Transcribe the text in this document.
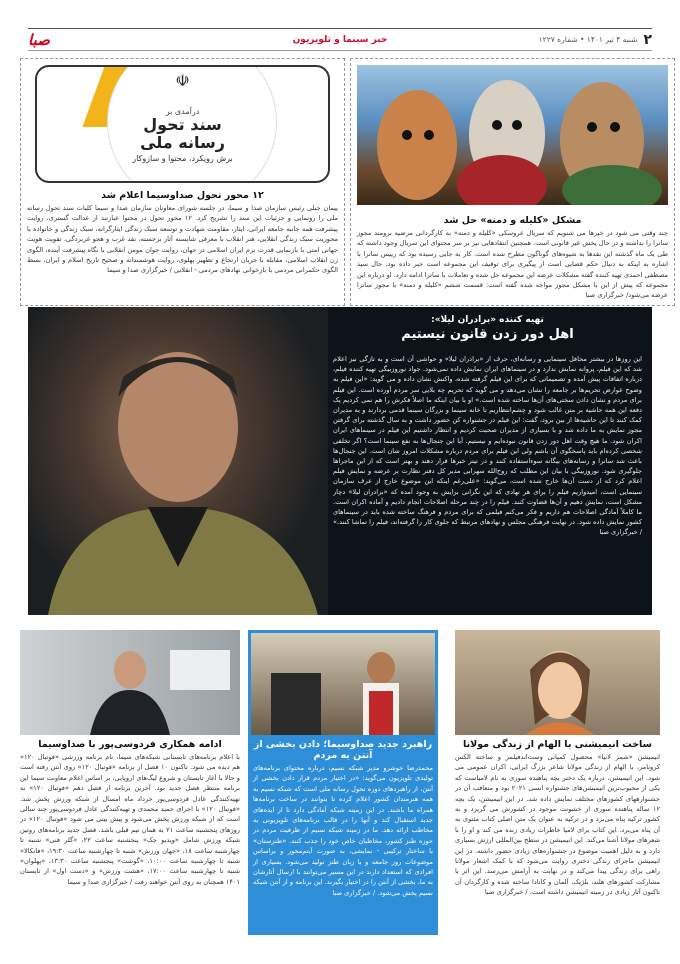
۲
شنبه ۴ تیر ۱۴۰۱ • شماره ۱۲۲۷
خبر سینما و تلویزیون
صبا
مشکل «کلیله و دمنه» حل شد
چند وقتی می شود در خبرها می شنویم که سریال عروسکی «کلیله و دمنه» به کارگردانی مرضیه برومند مجوز ساترا را نداشته و در حال پخش غیر قانونی است. همچنین انتقادهایی نیز بر سر محتوای این سریال وجود داشته که طی یک ماه گذشته این نقدها به شیوه‌های گوناگون مطرح شده است. کار به جایی رسیده بود که رییس ساترا با اشاره به اینکه به دنبال حکم قضایی است از پیگیری برای توقیف این مجموعه است خبر داده بود. حال سید مصطفی احمدی تهیه کننده گفته مشکلات عرضه این مجموعه حل شده و تعاملات با ساترا ادامه دارد. او درباره این مجموعه که پیش از این با مشکل مجوز مواجه شده گفته است: قسمت ششم «کلیله و دمنه» با مجوز ساترا عرضه می‌شود/ خبرگزاری صبا
☫
درآمدی بر
سند تحول
رسانه ملی
برش رویکرد، محتوا و سازوکار
۱۲ محور تحول صداوسیما اعلام شد
پیمان جبلی رئیس سازمان صدا و سیما، در جلسه شورای معاونان سازمان صدا و سیما کلیات سند تحول رسانه ملی را رونمایی و جزئیات این سند را تشریح کرد. ۱۲ محور تحول در محتوا عبارتند از عدالت گستری، روایت پیشرفت همه جانبه جامعه ایرانی، ایثار، مقاومت شهادت و توسعه سبک زندگی ایثارگرانه، سبک زندگی و خانواده با محوریت سبک زندگی انقلابی، هنر انقلاب با معرفی شایسته آثار برجسته، نقد غرب و هجو غربزدگی، تقویت هویت جهانی امتی با بازنمایی قدرت نرم ایران اسلامی در جهان، روایت جوان مومن انقلابی با نگاه پیشرفت آینده، الگوی زن انقلاب اسلامی، مقابله با جریان ارتجاع و تطهیر پهلوی، روایت هوشمندانه و صحیح تاریخ اسلام و ایران، بسط الگوی حکمرانی مردمی با بازخوانی نهادهای مردمی - انقلابی / خبرگزاری صدا و سیما
تهیه کننده «برادران لیلا»:
اهل دور زدن قانون نیستیم
این روزها در بیشتر محافل سینمایی و رسانه‌ای، حرف از «برادران لیلا» و حواشی آن است و به تازگی نیز اعلام شد که این فیلم، پروانه نمایش ندارد و در سینماهای ایران نمایش داده نمی‌شود. جواد نوروزبیگی تهیه کننده فیلم، درباره اتفاقات پیش آمده و تصمیماتی که برای این فیلم گرفته شده، واکنش نشان داده و می گوید: «این فیلم به وضوح عوارض تحریم‌ها بر جامعه را نشان می‌دهد و می گوید که تحریم چه بلایی سر مردم آورده است. این فیلم برای مردم و نشان دادن سختی‌های آن‌ها ساخته شده است.» او با بیان اینکه ما اصلاً فکرش را هم نمی کردیم یک دفعه این همه حاشیه بر متن غالب شود و چشم‌انتظاریم تا خانه سینما و بزرگان سینما قدمی بردارند و به مدیران کمک کنند تا این حاشیه‌ها از بین برود، گفت: این فیلم در جشنواره کن حضور داشت و به سال گذشته برای گرفتن مجوز نمایش به ما داده شد و با بسیاری از مدیران صحبت کردیم و انتظار داشتیم این فیلم در سینماهای ایران اکران شود. ما هیچ وقت اهل دور زدن قانون نبوده‌ایم و نیستیم. آیا این جنجال‌ها به نفع سینما است؟ اگر تخلفی شخصی کرده‌ام باید پاسخگوی آن باشم ولی این فیلم برای مردم درباره مشکلات امروز شان است. این جنجال‌ها باعث شد ساترا و رسانه‌های بیگانه سوءاستفاده کنند و در تیتر خبرها قرار دهند و بهتر است که از این ماجراها جلوگیری شود. نوروزبیگی با بیان این مطلب که روح‌الله سهرابی مدیر کل دفتر نظارت بر عرضه و نمایش فیلم اعلام کرد که از دست آن‌ها خارج شده است، می‌گوید: «علی‌رغم اینکه این موضوع خارج از عرف سازمان سینمایی است، امیدواریم فیلم را برای هر نهادی که این نگرانی برایش به وجود آمده که «برادران لیلا» دچار مشکل است، نمایش دهیم و آن‌ها قضاوت کنند. فیلم را در چند مرحله اصلاحات انجام دادیم و آماده اکران است. ما کاملاً آمادگی اصلاحات هم داریم و فکر می‌کنم فیلمی که برای مردم و فرهنگ ساخته شده باید در سینماهای کشور نمایش داده شود. در نهایت فرهنگی مجلس و نهادهای مرتبط که جلوی کار را گرفته‌اند، فیلم را تماشا کنند.» / خبرگزاری صبا
ساخت انیمیشنی با الهام از زندگی مولانا
انیمیشن «شمر لانیا» محصول کمپانی وست‌اندفیلمز و ساخته الکس کرونامر، با الهام از زندگی مولانا شاعر بزرگ ایرانی، اکران عمومی می شود. این انیمیشن، درباره یک دختر بچه پناهنده سوری به نام لامیاست که یکی از محبوب‌ترین انیمیشن‌های جشنواره انسی ۲۰۲۱ بود و متعاقب آن در جشنوارههای کشورهای مختلف نمایش داده شد. در این انیمیشن، یک بچه ۱۲ ساله پناهنده سوری از خشونت موجود در کشورش می گریزد و به کشور ترکیه پناه می‌برد و در ترکیه به عنوان یک متن اصلی کتاب مثنوی به آن پناه می‌برد. این کتاب برای لامیا خاطرات زیادی زنده می کند و او را با شعرهای مولانا آشنا می‌کند. این انیمیشن در سطح بین‌المللی ارزش بسیاری دارد و به دلیل اهمیت موضوع در جشنواره‌های زیادی حضور داشته. در این انیمیشن ماجرای زندگی دختری روایت می‌شود که با کمک اشعار مولانا راهی برای زندگی پیدا می‌کند و در نهایت به آرامش می‌رسد. این اثر با مشارکت کشورهای هلند، بلژیک، آلمان و کانادا ساخته شده و کارگردان آن تاکنون آثار زیادی در زمینه انیمیشن داشته است. / خبرگزاری صبا
راهبرد جدید صداوسیما؛ دادن بخشی از آنتن به مردم
محمدرضا خوشرو مدیر شبکه نسیم، درباره محتوای برنامه‌های تولیدی تلویزیون می‌گوید: «در اختیار مردم قرار دادن بخشی از آنتن، از راهبردهای دوره تحول رسانه ملی است که شبکه نسیم به همه هنرمندان کشور اعلام کرده تا بتوانند در ساخت برنامه‌ها همراه ما باشند. در این زمینه شبکه آمادگی دارد تا از ایده‌های جدید استقبال کند و آنها را در قالب برنامه‌های تلویزیونی به مخاطب ارائه دهد. ما در زمینه شبکه نسیم از ظرفیت مردم در حوزه طنز کشور، مخاطبان خاص خود را جذب کنند. «طنزستان» با ساختار ترکیبی - نمایشی، به صورت آیتم‌محور و براساس موضوعات روز جامعه و با زبان طنز تولید می‌شود. بسیاری از افرادی که استعداد دارند در این مسیر می‌توانند با ارسال آثارشان به ما، بخشی از آنتن را در اختیار بگیرند. این برنامه و از آنتن شبکه نسیم پخش می‌شود. / خبرگزاری صبا
ادامه همکاری فردوسی‌پور با صداوسیما
با اعلام برنامه‌های تابستانی شبکه‌های سیما، نام برنامه ورزشی «فوتبال ۱۲۰» هم دیده می شود. تاکنون ۱۰ فصل از برنامه «فوتبال ۱۲۰» روی آنتن رفته است و حالا با آغاز تابستان و شروع لیگ‌های اروپایی، بر اساس اعلام معاونت سیما این برنامه منتظر فصل جدید بود. آخرین برنامه از فصل دهم «فوتبال ۱۲۰» به تهیه‌کنندگی عادل فردوسی‌پور خرداد ماه امسال از شبکه ورزش پخش شد. «فوتبال ۱۲۰» با اجرای حمید محمدی و تهیه‌کنندگی عادل فردوسی‌پور چند سالی است که از شبکه ورزش پخش می‌شود و پیش بینی می شود «فوتبال ۱۲۰» در روزهای پنجشنبه ساعت ۲۱ به همان تیم قبلی باشد. فصل جدید برنامه‌های روتین شبکه ورزش شامل «ویدیو چک» پنجشنبه ساعت ۲۲، «گلر فنی» شنبه تا چهارشنبه ساعت ۱۸، «جهان ورزش» شنبه تا چهارشنبه ساعت ۱۹:۳۰، «فانکالا» شنبه تا چهارشنبه ساعت ۱۰:۰۰، «گوشت» پنجشنبه ساعت ۱۳:۳۰، «پهلوان» شنبه تا چهارشنبه ساعت ۱۷:۰۰، «هشت ورزش» و «دست اول» از تابستان ۱۴۰۱ همچنان به روی آنتن خواهند رفت / خبرگزاری صدا و سیما
